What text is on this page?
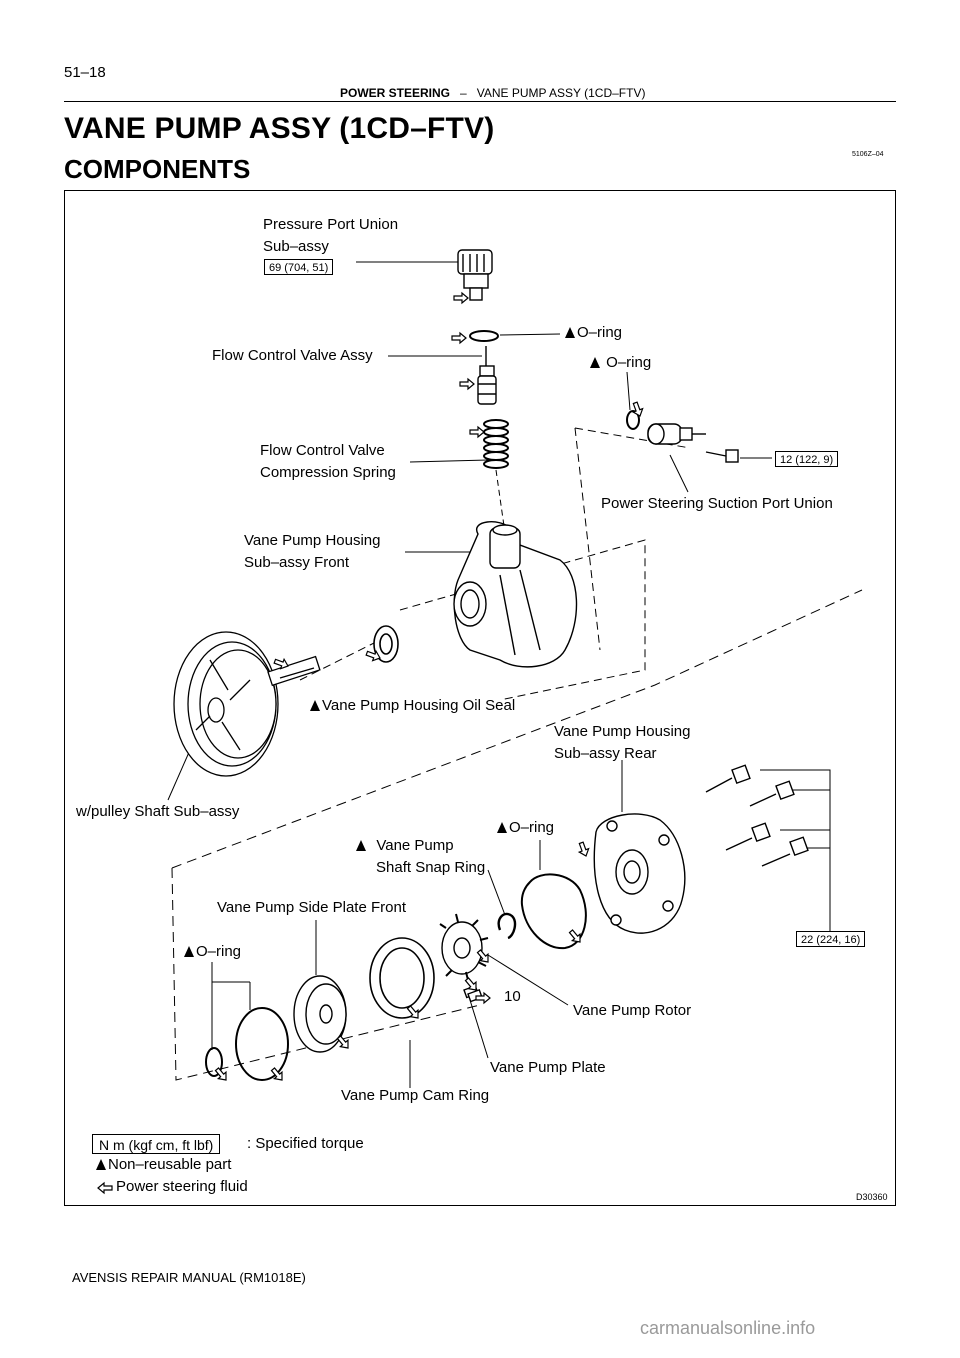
51–18
POWER STEERING – VANE PUMP ASSY (1CD–FTV)
VANE PUMP ASSY (1CD–FTV)
COMPONENTS	5106Z–04
Pressure Port Union
Sub–assy
69 (704, 51)
O–ring
Flow Control Valve Assy	O–ring
Flow Control Valve
Compression Spring
12 (122, 9)
Power Steering Suction Port Union
Vane Pump Housing
Sub–assy Front
Vane Pump Housing Oil Seal
Vane Pump Housing
Sub–assy Rear
w/pulley Shaft Sub–assy
O–ring
Vane Pump
Shaft Snap Ring
Vane Pump Side Plate Front
22 (224, 16)
O–ring
10
Vane Pump Rotor
Vane Pump Plate
Vane Pump Cam Ring
N m (kgf cm, ft lbf)	: Specified torque
Non–reusable part
Power steering fluid
D30360
AVENSIS REPAIR MANUAL (RM1018E)
carmanualsonline.info
